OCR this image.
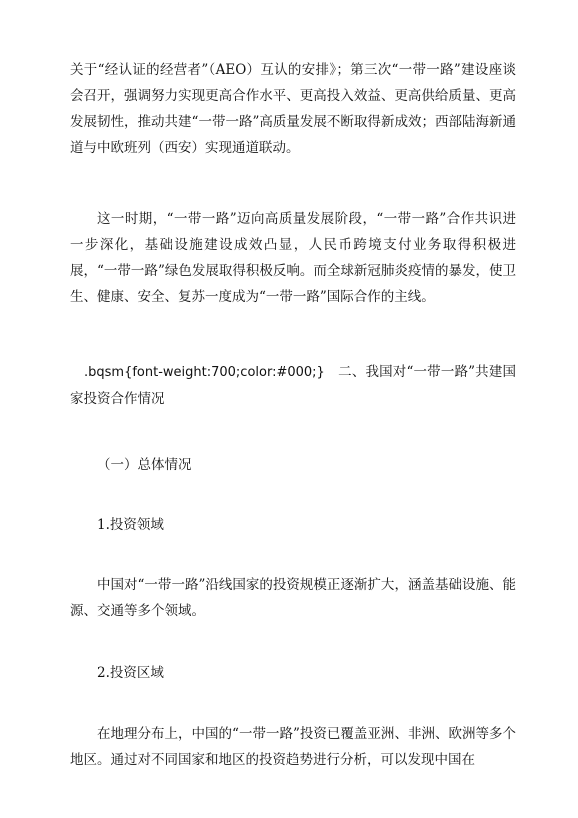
关于“经认证的经营者”（AEO）互认的安排》；第三次“一带一路”建设座谈会召开，强调努力实现更高合作水平、更高投入效益、更高供给质量、更高发展韧性，推动共建“一带一路”高质量发展不断取得新成效；西部陆海新通道与中欧班列（西安）实现通道联动。

这一时期，“一带一路”迈向高质量发展阶段，“一带一路”合作共识进一步深化，基础设施建设成效凸显，人民币跨境支付业务取得积极进展，“一带一路”绿色发展取得积极反响。而全球新冠肺炎疫情的暴发，使卫生、健康、安全、复苏一度成为“一带一路”国际合作的主线。

.bqsm{font-weight:700;color:#000;} 二、我国对“一带一路”共建国家投资合作情况

（一）总体情况

1.投资领域

中国对“一带一路”沿线国家的投资规模正逐渐扩大，涵盖基础设施、能源、交通等多个领域。

2.投资区域

在地理分布上，中国的“一带一路”投资已覆盖亚洲、非洲、欧洲等多个地区。通过对不同国家和地区的投资趋势进行分析，可以发现中国在
